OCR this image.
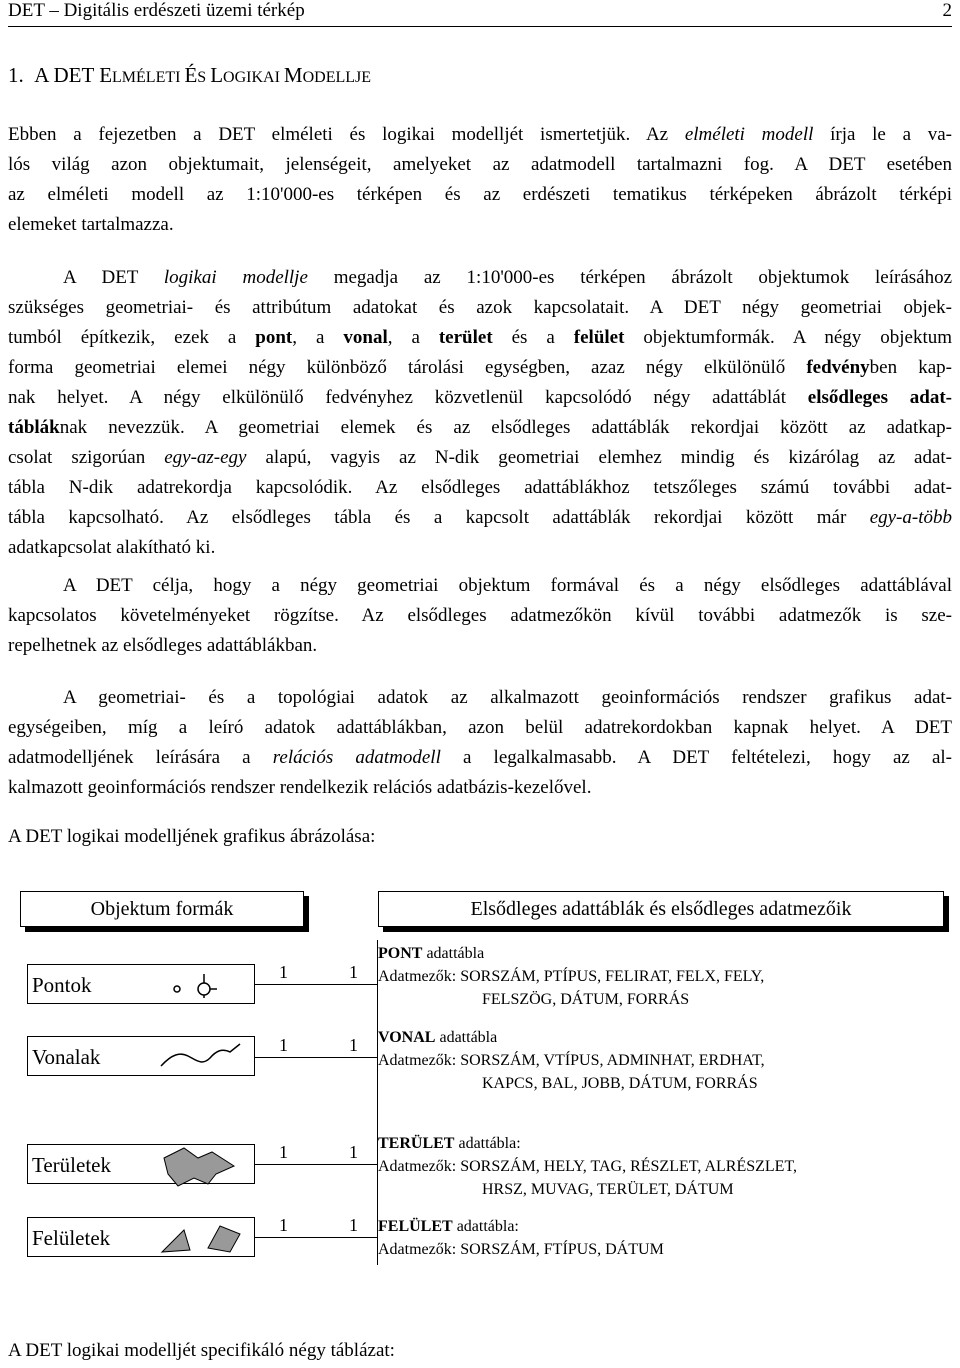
DET – Digitális erdészeti üzemi térkép	2
1. A DET ELMÉLETI ÉS LOGIKAI MODELLJE
Ebben a fejezetben a DET elméleti és logikai modelljét ismertetjük. Az elméleti modell írja le a va-
lós világ azon objektumait, jelenségeit, amelyeket az adatmodell tartalmazni fog. A DET esetében
az elméleti modell az 1:10'000-es térképen és az erdészeti tematikus térképeken ábrázolt térképi
elemeket tartalmazza.
A DET logikai modellje megadja az 1:10'000-es térképen ábrázolt objektumok leírásához
szükséges geometriai- és attribútum adatokat és azok kapcsolatait. A DET négy geometriai objek-
tumból építkezik, ezek a pont, a vonal, a terület és a felület objektumformák. A négy objektum
forma geometriai elemei négy különböző tárolási egységben, azaz négy elkülönülő fedvényben kap-
nak helyet. A négy elkülönülő fedvényhez közvetlenül kapcsolódó négy adattáblát elsődleges adat-
tábláknak nevezzük. A geometriai elemek és az elsődleges adattáblák rekordjai között az adatkap-
csolat szigorúan egy-az-egy alapú, vagyis az N-dik geometriai elemhez mindig és kizárólag az adat-
tábla N-dik adatrekordja kapcsolódik. Az elsődleges adattáblákhoz tetszőleges számú további adat-
tábla kapcsolható. Az elsődleges tábla és a kapcsolt adattáblák rekordjai között már egy-a-több
adatkapcsolat alakítható ki.
A DET célja, hogy a négy geometriai objektum formával és a négy elsődleges adattáblával
kapcsolatos követelményeket rögzítse. Az elsődleges adatmezőkön kívül további adatmezők is sze-
repelhetnek az elsődleges adattáblákban.
A geometriai- és a topológiai adatok az alkalmazott geoinformációs rendszer grafikus adat-
egységeiben, míg a leíró adatok adattáblákban, azon belül adatrekordokban kapnak helyet. A DET
adatmodelljének leírására a relációs adatmodell a legalkalmasabb. A DET feltételezi, hogy az al-
kalmazott geoinformációs rendszer rendelkezik relációs adatbázis-kezelővel.
A DET logikai modelljének grafikus ábrázolása:
Objektum formák	Elsődleges adattáblák és elsődleges adatmezőik
Pontok
1	1
PONT adattábla
Adatmezők: SORSZÁM, PTÍPUS, FELIRAT, FELX, FELY,
FELSZÖG, DÁTUM, FORRÁS
Vonalak	1	1 VONAL adattábla
Adatmezők: SORSZÁM, VTÍPUS, ADMINHAT, ERDHAT,
KAPCS, BAL, JOBB, DÁTUM, FORRÁS
Területek
1	1 TERÜLET adattábla:
Adatmezők: SORSZÁM, HELY, TAG, RÉSZLET, ALRÉSZLET,
HRSZ, MUVAG, TERÜLET, DÁTUM
Felületek
1	1 FELÜLET adattábla:
Adatmezők: SORSZÁM, FTÍPUS, DÁTUM
A DET logikai modelljét specifikáló négy táblázat:
